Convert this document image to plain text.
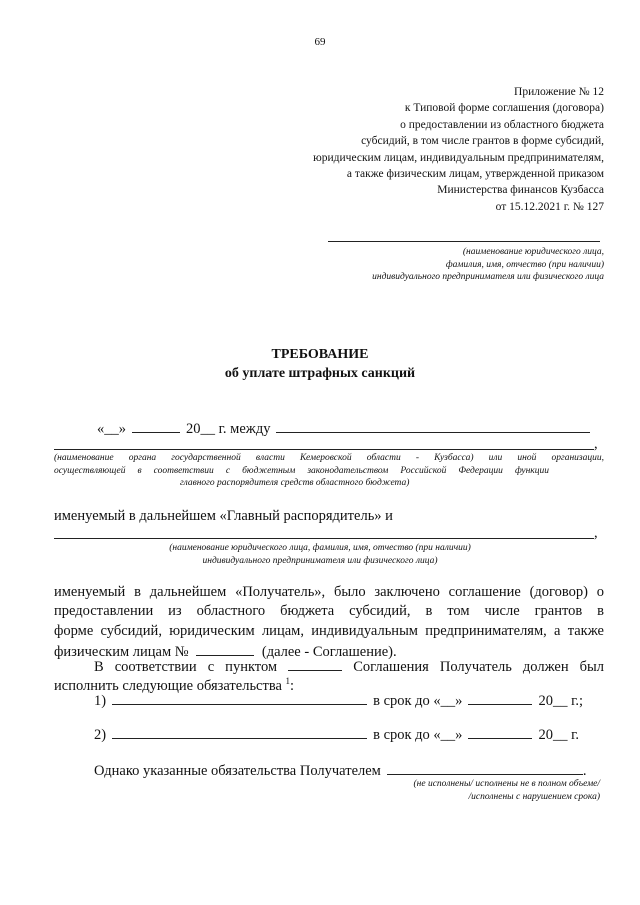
69
Приложение № 12
к Типовой форме соглашения (договора)
о предоставлении из областного бюджета
субсидий, в том числе грантов в форме субсидий,
юридическим лицам, индивидуальным предпринимателям,
а также физическим лицам, утвержденной приказом
Министерства финансов Кузбасса
от 15.12.2021 г. № 127
(наименование юридического лица,
фамилия, имя, отчество (при наличии)
индивидуального предпринимателя или физического лица
ТРЕБОВАНИЕ
об уплате штрафных санкций
«__»	20__ г. между
,
(наименование органа государственной власти Кемеровской области - Кузбасса) или иной организации,
осуществляющей в соответствии с бюджетным законодательством Российской Федерации функции
главного распорядителя средств областного бюджета)
именуемый в дальнейшем «Главный распорядитель» и
,
(наименование юридического лица, фамилия, имя, отчество (при наличии)
индивидуального предпринимателя или физического лица)
именуемый в дальнейшем «Получатель», было заключено соглашение (договор) о
предоставлении из областного бюджета субсидий, в том числе грантов в
форме субсидий, юридическим лицам, индивидуальным предпринимателям, а также
физическим лицам №	(далее - Соглашение).
В соответствии с пунктом	Соглашения Получатель должен был
исполнить следующие обязательства $^1$:
1)	в срок до «__»	20__ г.;
2)	в срок до «__»	20__ г.
Однако указанные обязательства Получателем	.
(не исполнены/ исполнены не в полном объеме/
/исполнены с нарушением срока)
